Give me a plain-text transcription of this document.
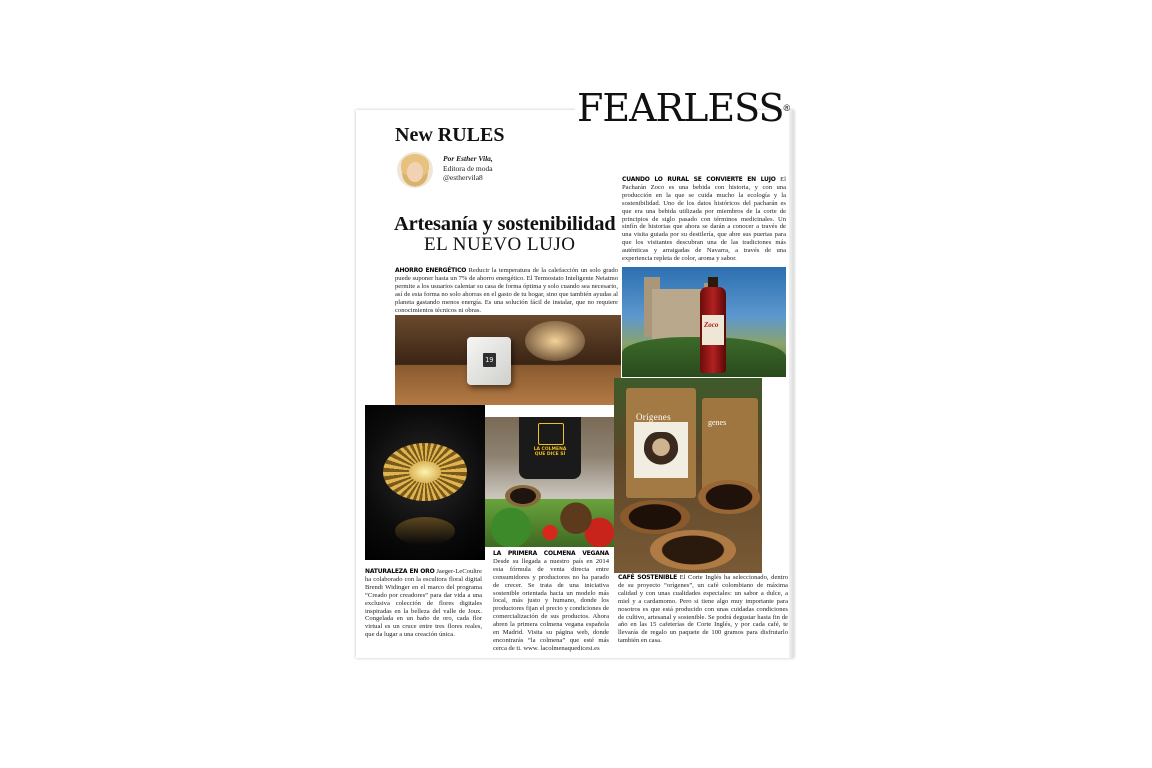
New RULES
Por Esther Vila,
Editora de moda
@esthervila8
Artesanía y sostenibilidad
EL NUEVO LUJO
AHORRO ENERGÉTICO Reducir la temperatura de la calefacción un solo grado puede suponer hasta un 7% de ahorro energético. El Termostato Inteligente Netatmo permite a los usuarios calentar su casa de forma óptima y solo cuando sea necesario, así de esta forma no solo ahorras en el gasto de tu hogar, sino que también ayudas al planeta gastando menos energía. Es una solución fácil de instalar, que no requiere conocimientos técnicos ni obras.
CUANDO LO RURAL SE CONVIERTE EN LUJO El Pacharán Zoco es una bebida con historia, y con una producción en la que se cuida mucho la ecología y la sostenibilidad. Uno de los datos históricos del pacharán es que era una bebida utilizada por miembros de la corte de principios de siglo pasado con términos medicinales. Un sinfín de historias que ahora se darán a conocer a través de una visita guiada por su destilería, que abre sus puertas para que los visitantes descubran una de las tradiciones más auténticas y arraigadas de Navarra, a través de una experiencia repleta de color, aroma y sabor.
19
Zoco
LA COLMENA QUE DICE SÍ
Orígenes
genes
NATURALEZA EN ORO Jaeger-LeCoultre ha colaborado con la escultora floral digital Brendi Widinger en el marco del programa “Creado por creadores” para dar vida a una exclusiva colección de flores digitales inspiradas en la belleza del valle de Joux. Congelada en un baño de oro, cada flor virtual es un cruce entre tres flores reales, que da lugar a una creación única.
LA PRIMERA COLMENA VEGANA Desde su llegada a nuestro país en 2014 esta fórmula de venta directa entre consumidores y productores no ha parado de crecer. Se trata de una iniciativa sostenible orientada hacia un modelo más local, más justo y humano, donde los productores fijan el precio y condiciones de comercialización de sus productos. Ahora abren la primera colmena vegana española en Madrid. Visita su página web, donde encontrarás “la colmena” que esté más cerca de ti. www. lacolmenaquedicesi.es
CAFÉ SOSTENIBLE El Corte Inglés ha seleccionado, dentro de su proyecto “orígenes”, un café colombiano de máxima calidad y con unas cualidades especiales: un sabor a dulce, a miel y a cardamomo. Pero si tiene algo muy importante para nosotros es que está producido con unas cuidadas condiciones de cultivo, artesanal y sostenible. Se podrá degustar hasta fin de año en las 15 cafeterías de Corte Inglés, y por cada café, te llevarás de regalo un paquete de 100 gramos para disfrutarlo también en casa.
FEARLESS®
